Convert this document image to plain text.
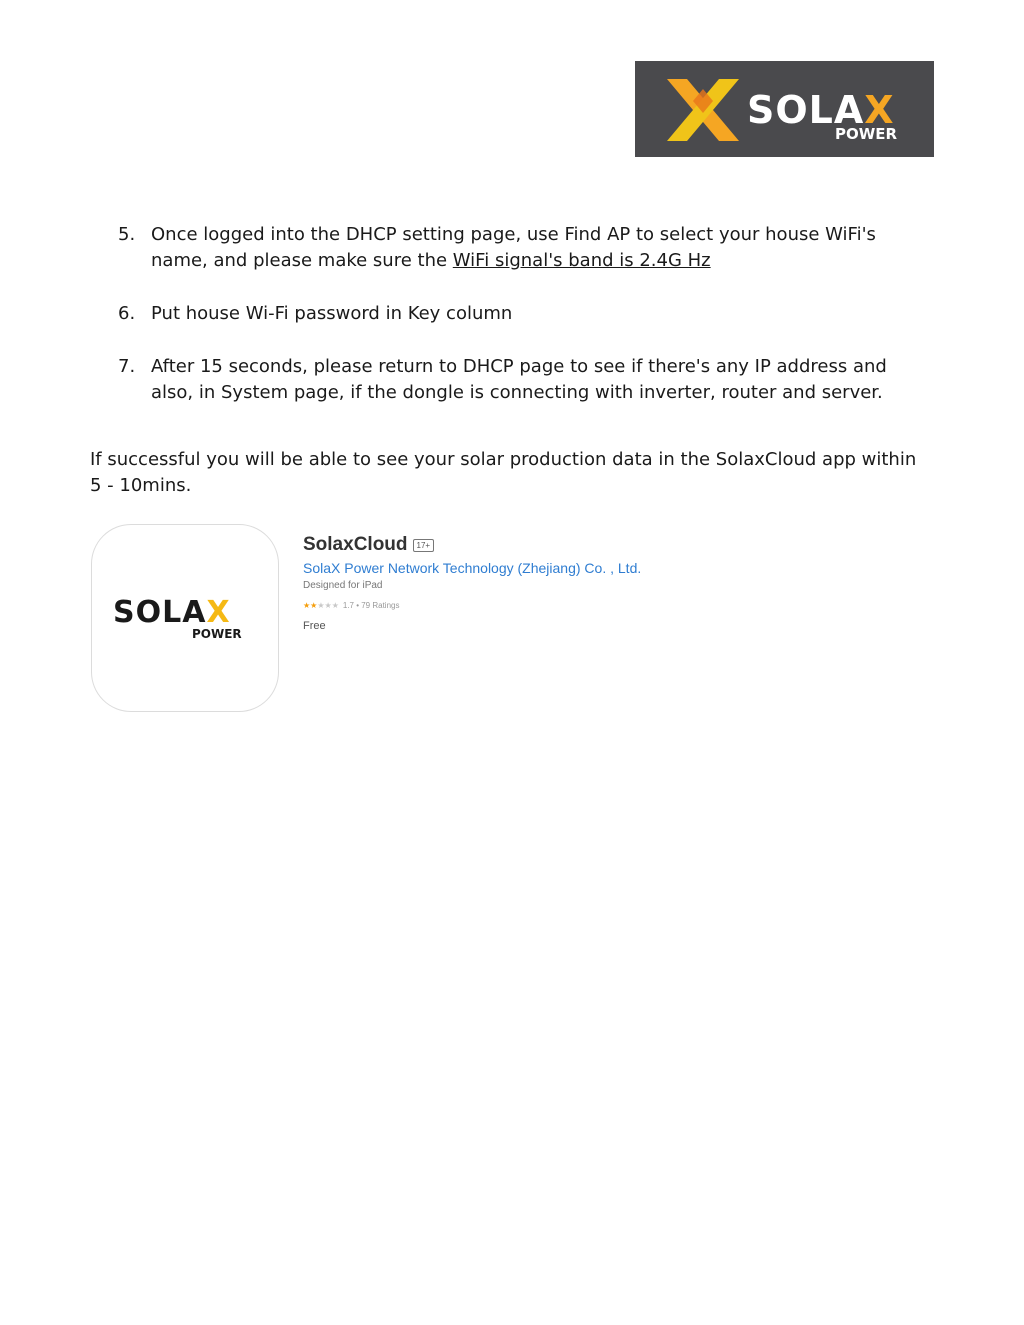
SOLAX
POWER
5. Once logged into the DHCP setting page, use Find AP to select your house WiFi's name, and please make sure the WiFi signal's band is 2.4G Hz
6. Put house Wi-Fi password in Key column
7. After 15 seconds, please return to DHCP page to see if there's any IP address and also, in System page, if the dongle is connecting with inverter, router and server.

If successful you will be able to see your solar production data in the SolaxCloud app within 5 - 10mins.

SOLAX
POWER
SolaxCloud	17+
SolaX Power Network Technology (Zhejiang) Co. , Ltd.
Designed for iPad
★★★★★ 1.7 • 79 Ratings
Free
